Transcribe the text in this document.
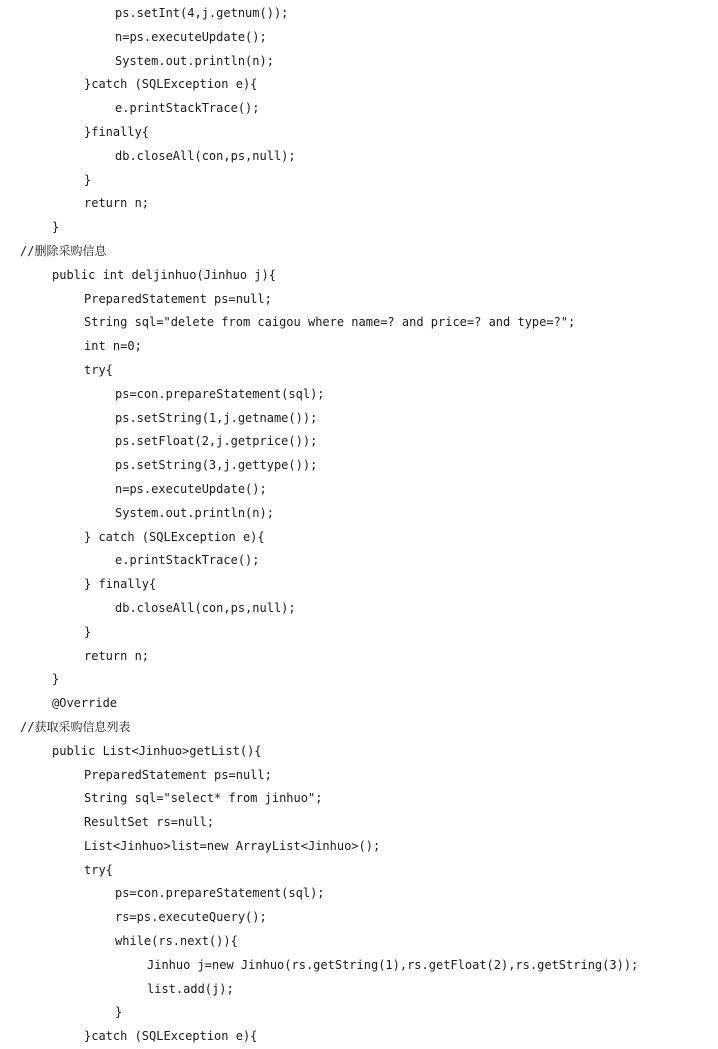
ps.setInt(4,j.getnum());
n=ps.executeUpdate();
System.out.println(n);
}catch (SQLException e){
e.printStackTrace();
}finally{
db.closeAll(con,ps,null);
}
return n;
}
//删除采购信息
public int deljinhuo(Jinhuo j){
PreparedStatement ps=null;
String sql="delete from caigou where name=? and price=? and type=?";
int n=0;
try{
ps=con.prepareStatement(sql);
ps.setString(1,j.getname());
ps.setFloat(2,j.getprice());
ps.setString(3,j.gettype());
n=ps.executeUpdate();
System.out.println(n);
} catch (SQLException e){
e.printStackTrace();
} finally{
db.closeAll(con,ps,null);
}
return n;
}
@Override
//获取采购信息列表
public List<Jinhuo>getList(){
PreparedStatement ps=null;
String sql="select* from jinhuo";
ResultSet rs=null;
List<Jinhuo>list=new ArrayList<Jinhuo>();
try{
ps=con.prepareStatement(sql);
rs=ps.executeQuery();
while(rs.next()){
Jinhuo j=new Jinhuo(rs.getString(1),rs.getFloat(2),rs.getString(3));
list.add(j);
}
}catch (SQLException e){
